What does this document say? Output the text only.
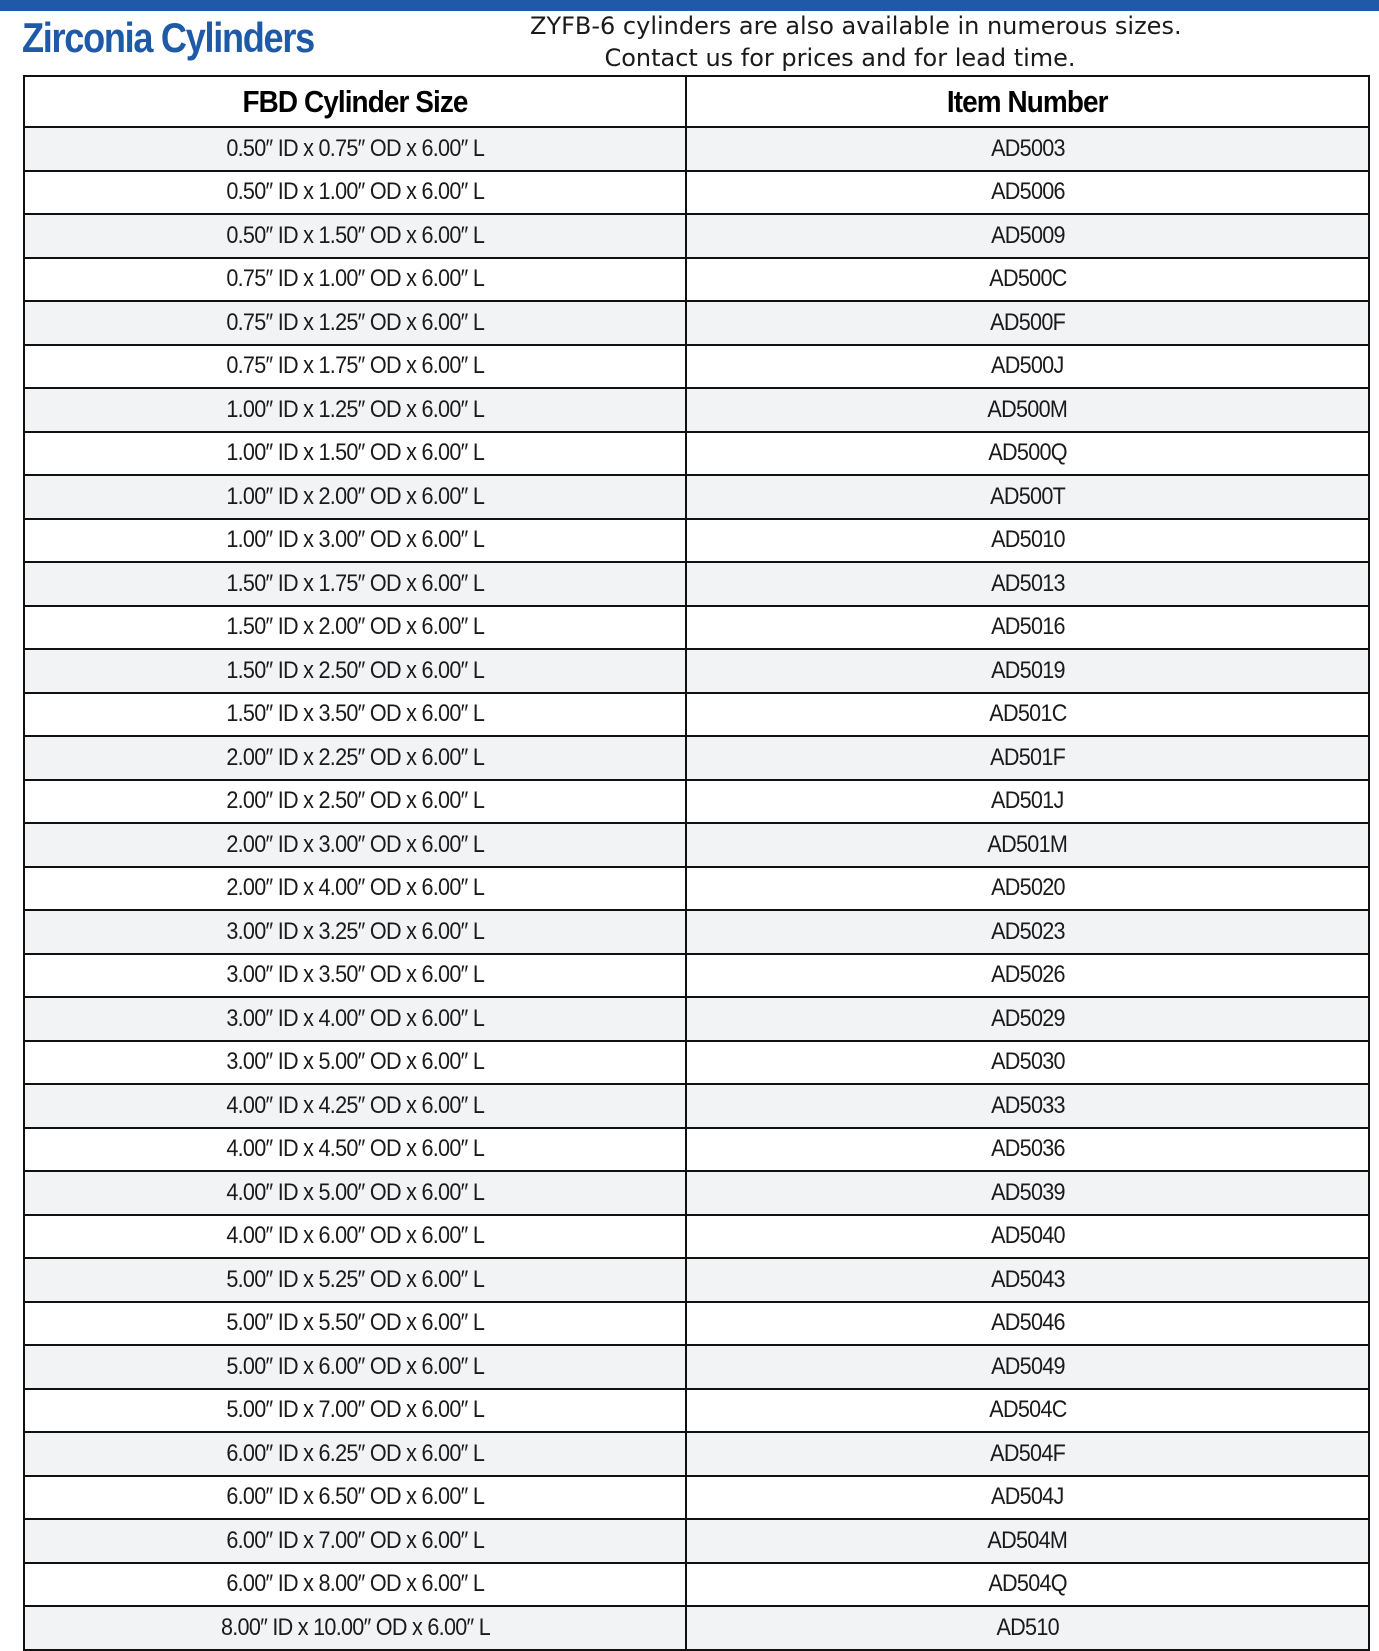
Zirconia Cylinders	ZYFB-6 cylinders are also available in numerous sizes.
Contact us for prices and for lead time.
FBD Cylinder Size	Item Number
0.50″ ID x 0.75″ OD x 6.00″ L	AD5003
0.50″ ID x 1.00″ OD x 6.00″ L	AD5006
0.50″ ID x 1.50″ OD x 6.00″ L	AD5009
0.75″ ID x 1.00″ OD x 6.00″ L	AD500C
0.75″ ID x 1.25″ OD x 6.00″ L	AD500F
0.75″ ID x 1.75″ OD x 6.00″ L	AD500J
1.00″ ID x 1.25″ OD x 6.00″ L	AD500M
1.00″ ID x 1.50″ OD x 6.00″ L	AD500Q
1.00″ ID x 2.00″ OD x 6.00″ L	AD500T
1.00″ ID x 3.00″ OD x 6.00″ L	AD5010
1.50″ ID x 1.75″ OD x 6.00″ L	AD5013
1.50″ ID x 2.00″ OD x 6.00″ L	AD5016
1.50″ ID x 2.50″ OD x 6.00″ L	AD5019
1.50″ ID x 3.50″ OD x 6.00″ L	AD501C
2.00″ ID x 2.25″ OD x 6.00″ L	AD501F
2.00″ ID x 2.50″ OD x 6.00″ L	AD501J
2.00″ ID x 3.00″ OD x 6.00″ L	AD501M
2.00″ ID x 4.00″ OD x 6.00″ L	AD5020
3.00″ ID x 3.25″ OD x 6.00″ L	AD5023
3.00″ ID x 3.50″ OD x 6.00″ L	AD5026
3.00″ ID x 4.00″ OD x 6.00″ L	AD5029
3.00″ ID x 5.00″ OD x 6.00″ L	AD5030
4.00″ ID x 4.25″ OD x 6.00″ L	AD5033
4.00″ ID x 4.50″ OD x 6.00″ L	AD5036
4.00″ ID x 5.00″ OD x 6.00″ L	AD5039
4.00″ ID x 6.00″ OD x 6.00″ L	AD5040
5.00″ ID x 5.25″ OD x 6.00″ L	AD5043
5.00″ ID x 5.50″ OD x 6.00″ L	AD5046
5.00″ ID x 6.00″ OD x 6.00″ L	AD5049
5.00″ ID x 7.00″ OD x 6.00″ L	AD504C
6.00″ ID x 6.25″ OD x 6.00″ L	AD504F
6.00″ ID x 6.50″ OD x 6.00″ L	AD504J
6.00″ ID x 7.00″ OD x 6.00″ L	AD504M
6.00″ ID x 8.00″ OD x 6.00″ L	AD504Q
8.00″ ID x 10.00″ OD x 6.00″ L	AD510
